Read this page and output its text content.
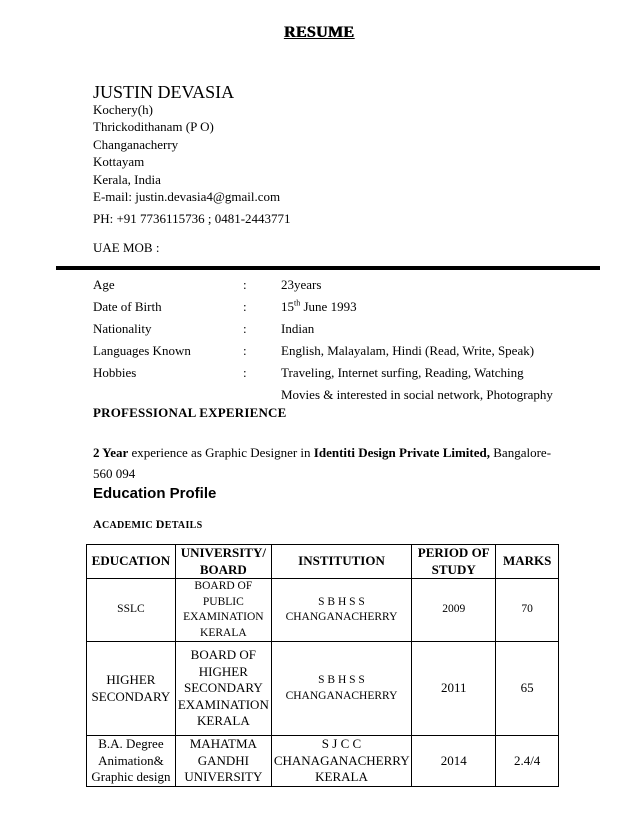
RESUME
JUSTIN DEVASIA
Kochery(h)
Thrickodithanam (P O)
Changanacherry
Kottayam
Kerala, India
E-mail: justin.devasia4@gmail.com
PH: +91 7736115736 ; 0481-2443771
UAE MOB :
Age	:	23years
Date of Birth	:	15th June 1993
Nationality	:	Indian
Languages Known	:	English, Malayalam, Hindi (Read, Write, Speak)
Hobbies	:	Traveling, Internet surfing, Reading, Watching
Movies & interested in social network, Photography
PROFESSIONAL EXPERIENCE
2 Year experience as Graphic Designer in Identiti Design Private Limited, Bangalore-560 094
Education Profile
ACADEMIC DETAILS
EDUCATION	UNIVERSITY/ BOARD	INSTITUTION	PERIOD OF STUDY	MARKS
SSLC	BOARD OF PUBLIC EXAMINATION KERALA	S B H S S CHANGANACHERRY	2009	70
HIGHER SECONDARY	BOARD OF HIGHER SECONDARY EXAMINATION KERALA	S B H S S CHANGANACHERRY	2011	65
B.A. Degree Animation& Graphic design	MAHATMA GANDHI UNIVERSITY	S J C C CHANAGANACHERRY KERALA	2014	2.4/4
